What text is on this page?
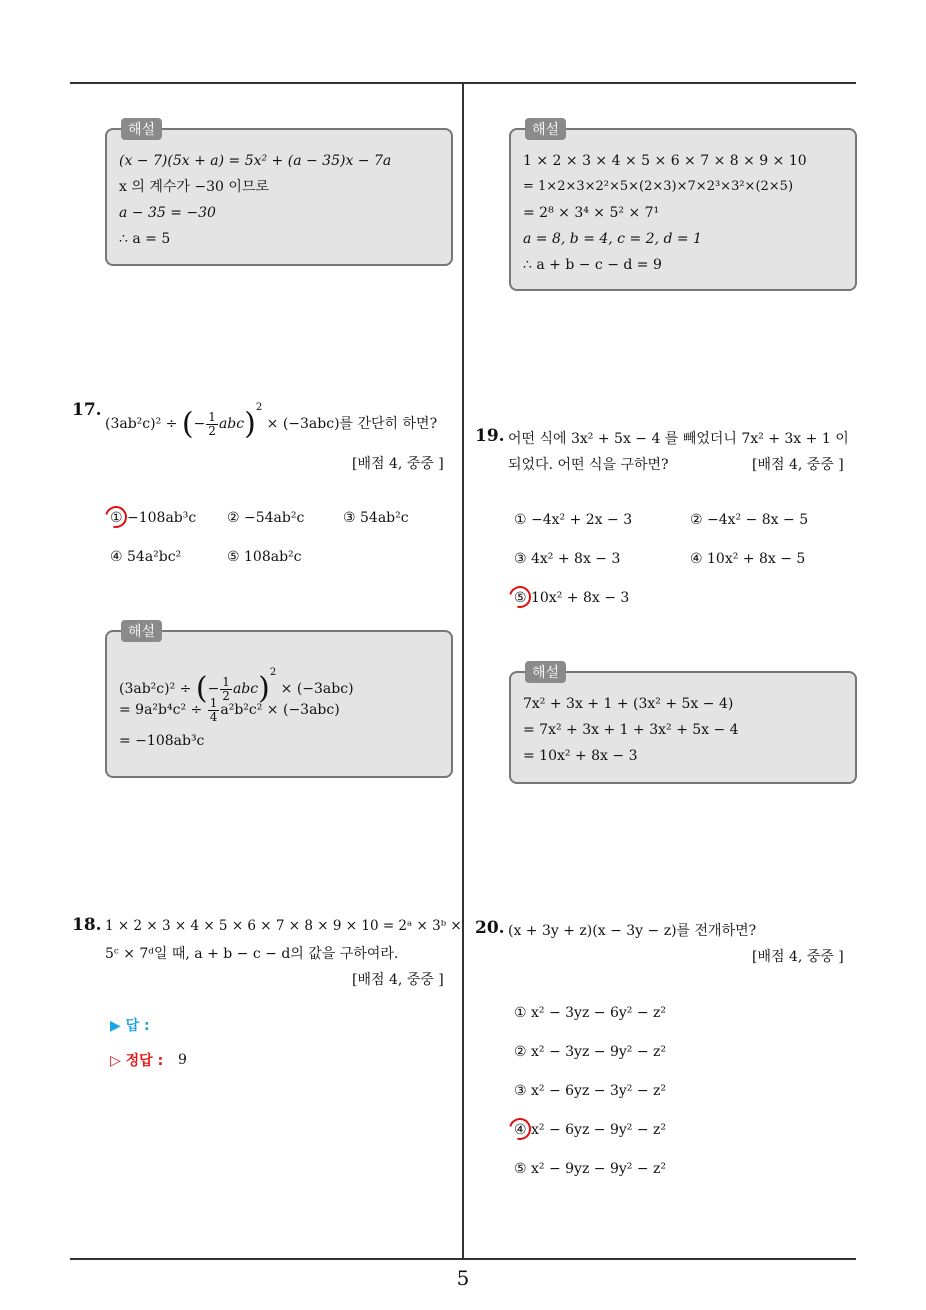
5
해설
(x − 7)(5x + a) = 5x² + (a − 35)x − 7a
x 의 계수가 −30 이므로
a − 35 = −30
∴ a = 5
해설
1 × 2 × 3 × 4 × 5 × 6 × 7 × 8 × 9 × 10
= 1×2×3×2²×5×(2×3)×7×2³×3²×(2×5)
= 2⁸ × 3⁴ × 5² × 7¹
a = 8, b = 4, c = 2, d = 1
∴ a + b − c − d = 9
17.
(3ab²c)² ÷ (− $\frac{1}{2} abc)^2 \times (-3abc)$를 간단히 하면?
[배점 4, 중중 ]
① −108ab³c ② −54ab²c	③ 54ab²c
④ 54a²bc²	⑤ 108ab²c
해설
(3ab²c)² ÷ (− $\frac{1}{2} abc)^2 \times (-3abc)$
= $9a^2b^4c^2 \div \frac{1}{4} a^2b^2c^2 \times (-3abc)$
= −108ab³c
18. 1 × 2 × 3 × 4 × 5 × 6 × 7 × 8 × 9 × 10 = 2ᵃ × 3ᵇ ×
5ᶜ × 7ᵈ일 때, a + b − c − d의 값을 구하여라.
[배점 4, 중중 ]
▶ 답 :
▷ 정답 : 9
19. 어떤 식에 3x² + 5x − 4 를 빼었더니 7x² + 3x + 1 이
되었다. 어떤 식을 구하면?	[배점 4, 중중 ]
① −4x² + 2x − 3	② −4x² − 8x − 5
③ 4x² + 8x − 3	④ 10x² + 8x − 5
⑤ 10x² + 8x − 3
해설
7x² + 3x + 1 + (3x² + 5x − 4)
= 7x² + 3x + 1 + 3x² + 5x − 4
= 10x² + 8x − 3
20. (x + 3y + z)(x − 3y − z)를 전개하면?
[배점 4, 중중 ]
① x² − 3yz − 6y² − z²
② x² − 3yz − 9y² − z²
③ x² − 6yz − 3y² − z²
④ x² − 6yz − 9y² − z²
⑤ x² − 9yz − 9y² − z²
